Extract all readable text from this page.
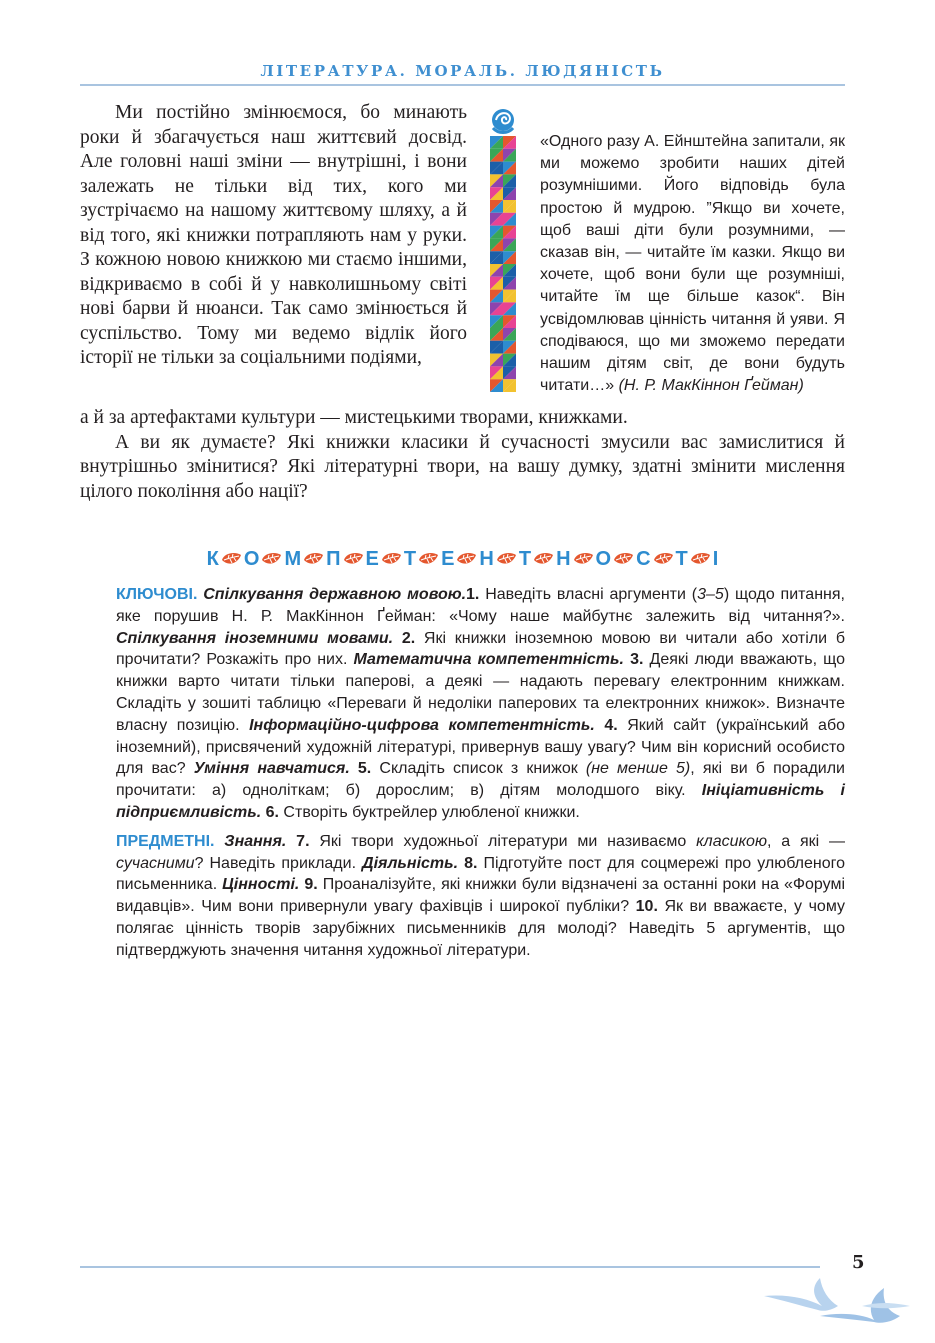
ЛІТЕРАТУРА. МОРАЛЬ. ЛЮДЯНІСТЬ

Ми постійно змінюємося, бо минають роки й збагачується наш життєвий досвід. Але головні наші зміни — внутрішні, і вони залежать не тільки від тих, кого ми зустрічаємо на нашому життєвому шляху, а й від того, які книжки потрапляють нам у руки. З кожною новою книжкою ми стаємо іншими, відкриваємо в собі й у навколишньому світі нові барви й нюанси. Так само змінюється й суспільство. Тому ми ведемо відлік його історії не тільки за соціальними подіями,

«Одного разу А. Ейнштейна запитали, як ми можемо зробити наших дітей розумнішими. Його відповідь була простою й мудрою. ”Якщо ви хочете, щоб ваші діти були розумними, — сказав він, — читайте їм казки. Якщо ви хочете, щоб вони були ще розумніші, читайте їм ще більше казок“. Він усвідомлював цінність читання й уяви. Я сподіваюся, що ми зможемо передати нашим дітям світ, де вони будуть читати…» (Н. Р. МакКіннон Ґейман)

а й за артефактами культури — мистецькими творами, книжками.

А ви як думаєте? Які книжки класики й сучасності змусили вас замислитися й внутрішньо змінитися? Які літературні твори, на вашу думку, здатні змінити мислення цілого покоління або нації?

К О М П Е Т Е Н Т Н О С Т І

КЛЮЧОВІ. Спілкування державною мовою.1. Наведіть власні аргументи (3–5) щодо питання, яке порушив Н. Р. МакКіннон Ґейман: «Чому наше майбутнє залежить від читання?». Спілкування іноземними мовами. 2. Які книжки іноземною мовою ви читали або хотіли б прочитати? Розкажіть про них. Математична компетентність. 3. Деякі люди вважають, що книжки варто читати тільки паперові, а деякі — надають перевагу електронним книжкам. Складіть у зошиті таблицю «Переваги й недоліки паперових та електронних книжок». Визначте власну позицію. Інформаційно-цифрова компетентність. 4. Який сайт (український або іноземний), присвячений художній літературі, привернув вашу увагу? Чим він корисний особисто для вас? Уміння навчатися. 5. Складіть список з книжок (не менше 5), які ви б порадили прочитати: а) одноліткам; б) дорослим; в) дітям молодшого віку. Ініціативність і підприємливість. 6. Створіть буктрейлер улюбленої книжки.

ПРЕДМЕТНІ. Знання. 7. Які твори художньої літератури ми називаємо класикою, а які — сучасними? Наведіть приклади. Діяльність. 8. Підготуйте пост для соцмережі про улюбленого письменника. Цінності. 9. Проаналізуйте, які книжки були відзначені за останні роки на «Форумі видавців». Чим вони привернули увагу фахівців і широкої публіки? 10. Як ви вважаєте, у чому полягає цінність творів зарубіжних письменників для молоді? Наведіть 5 аргументів, що підтверджують значення читання художньої літератури.

5
